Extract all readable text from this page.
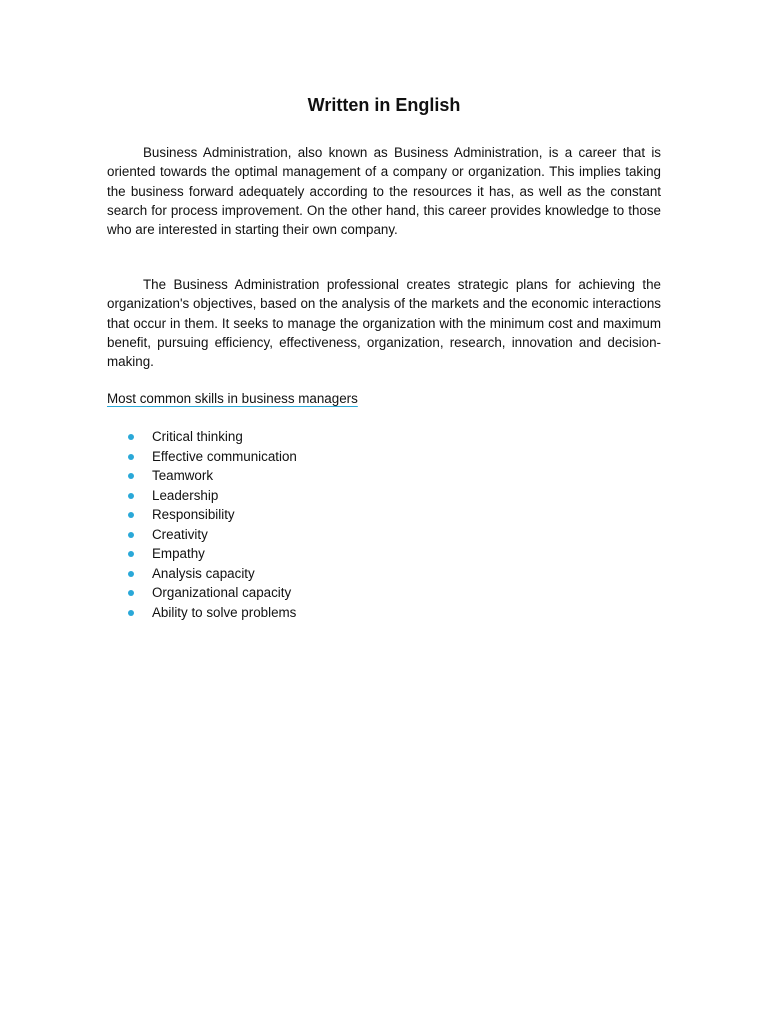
Written in English

Business Administration, also known as Business Administration, is a career that is oriented towards the optimal management of a company or organization. This implies taking the business forward adequately according to the resources it has, as well as the constant search for process improvement. On the other hand, this career provides knowledge to those who are interested in starting their own company.

The Business Administration professional creates strategic plans for achieving the organization's objectives, based on the analysis of the markets and the economic interactions that occur in them. It seeks to manage the organization with the minimum cost and maximum benefit, pursuing efficiency, effectiveness, organization, research, innovation and decision-making.

Most common skills in business managers
Critical thinking
Effective communication
Teamwork
Leadership
Responsibility
Creativity
Empathy
Analysis capacity
Organizational capacity
Ability to solve problems
